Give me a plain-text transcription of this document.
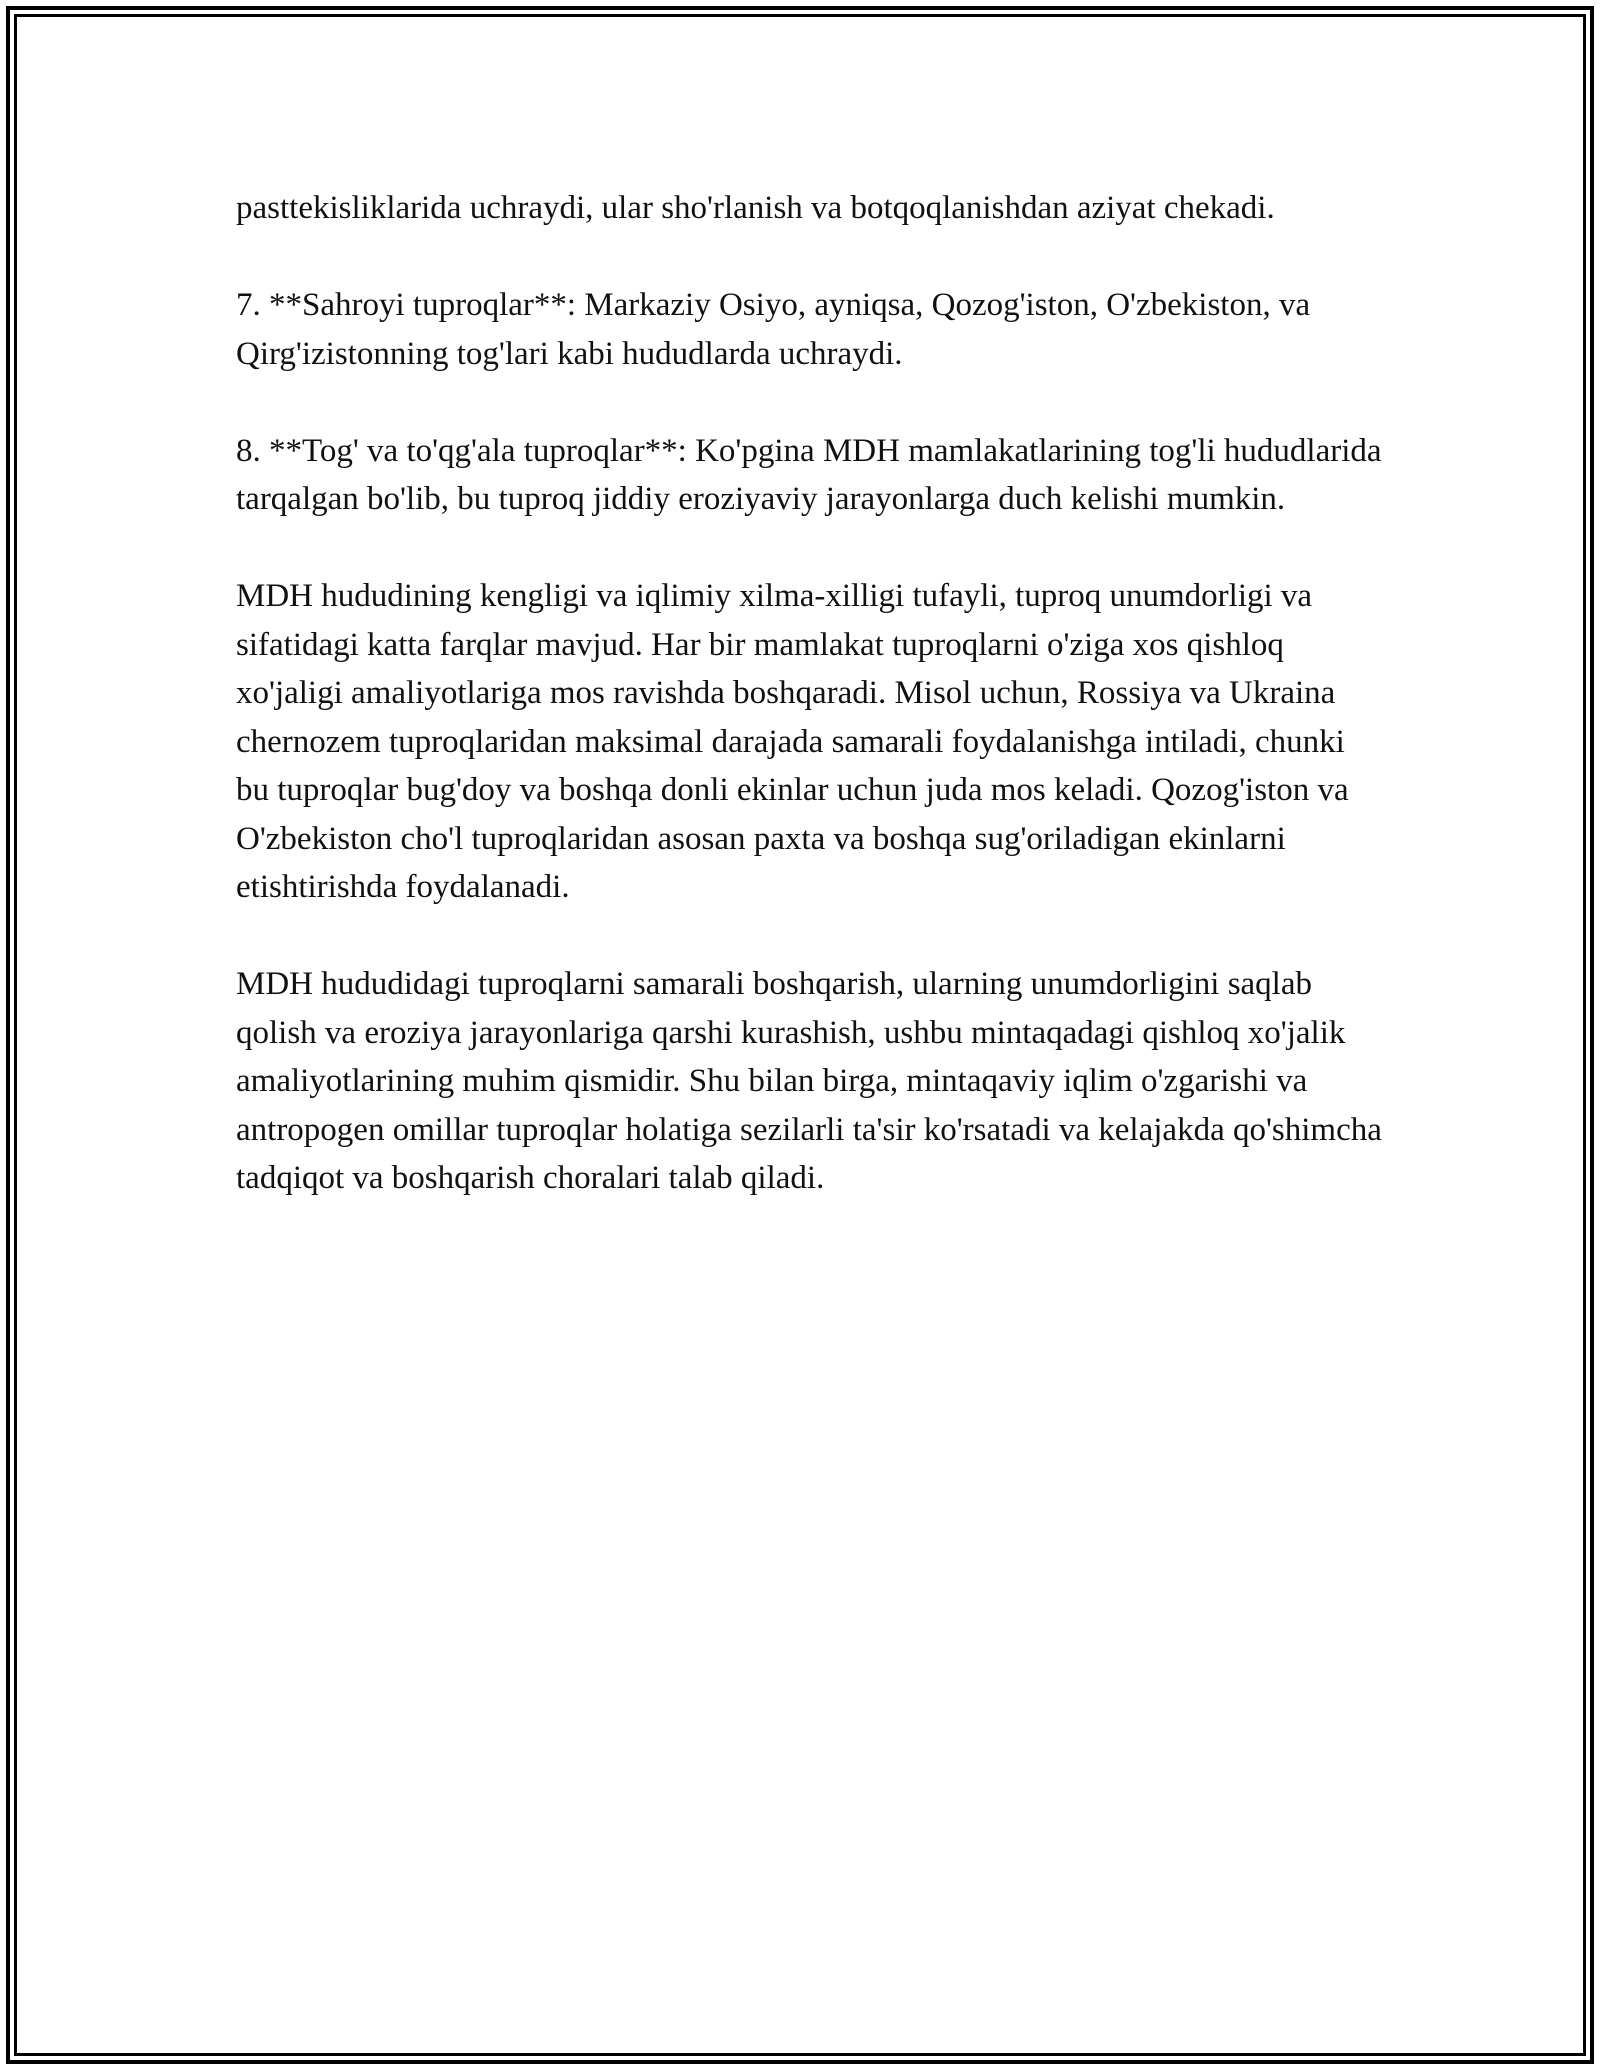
pasttekisliklarida uchraydi, ular sho'rlanish va botqoqlanishdan aziyat chekadi.

7. **Sahroyi tuproqlar**: Markaziy Osiyo, ayniqsa, Qozog'iston, O'zbekiston, va Qirg'izistonning tog'lari kabi hududlarda uchraydi.

8. **Tog' va to'qg'ala tuproqlar**: Ko'pgina MDH mamlakatlarining tog'li hududlarida tarqalgan bo'lib, bu tuproq jiddiy eroziyaviy jarayonlarga duch kelishi mumkin.

MDH hududining kengligi va iqlimiy xilma-xilligi tufayli, tuproq unumdorligi va sifatidagi katta farqlar mavjud. Har bir mamlakat tuproqlarni o'ziga xos qishloq xo'jaligi amaliyotlariga mos ravishda boshqaradi. Misol uchun, Rossiya va Ukraina chernozem tuproqlaridan maksimal darajada samarali foydalanishga intiladi, chunki bu tuproqlar bug'doy va boshqa donli ekinlar uchun juda mos keladi. Qozog'iston va O'zbekiston cho'l tuproqlaridan asosan paxta va boshqa sug'oriladigan ekinlarni etishtirishda foydalanadi.

MDH hududidagi tuproqlarni samarali boshqarish, ularning unumdorligini saqlab qolish va eroziya jarayonlariga qarshi kurashish, ushbu mintaqadagi qishloq xo'jalik amaliyotlarining muhim qismidir. Shu bilan birga, mintaqaviy iqlim o'zgarishi va antropogen omillar tuproqlar holatiga sezilarli ta'sir ko'rsatadi va kelajakda qo'shimcha tadqiqot va boshqarish choralari talab qiladi.
